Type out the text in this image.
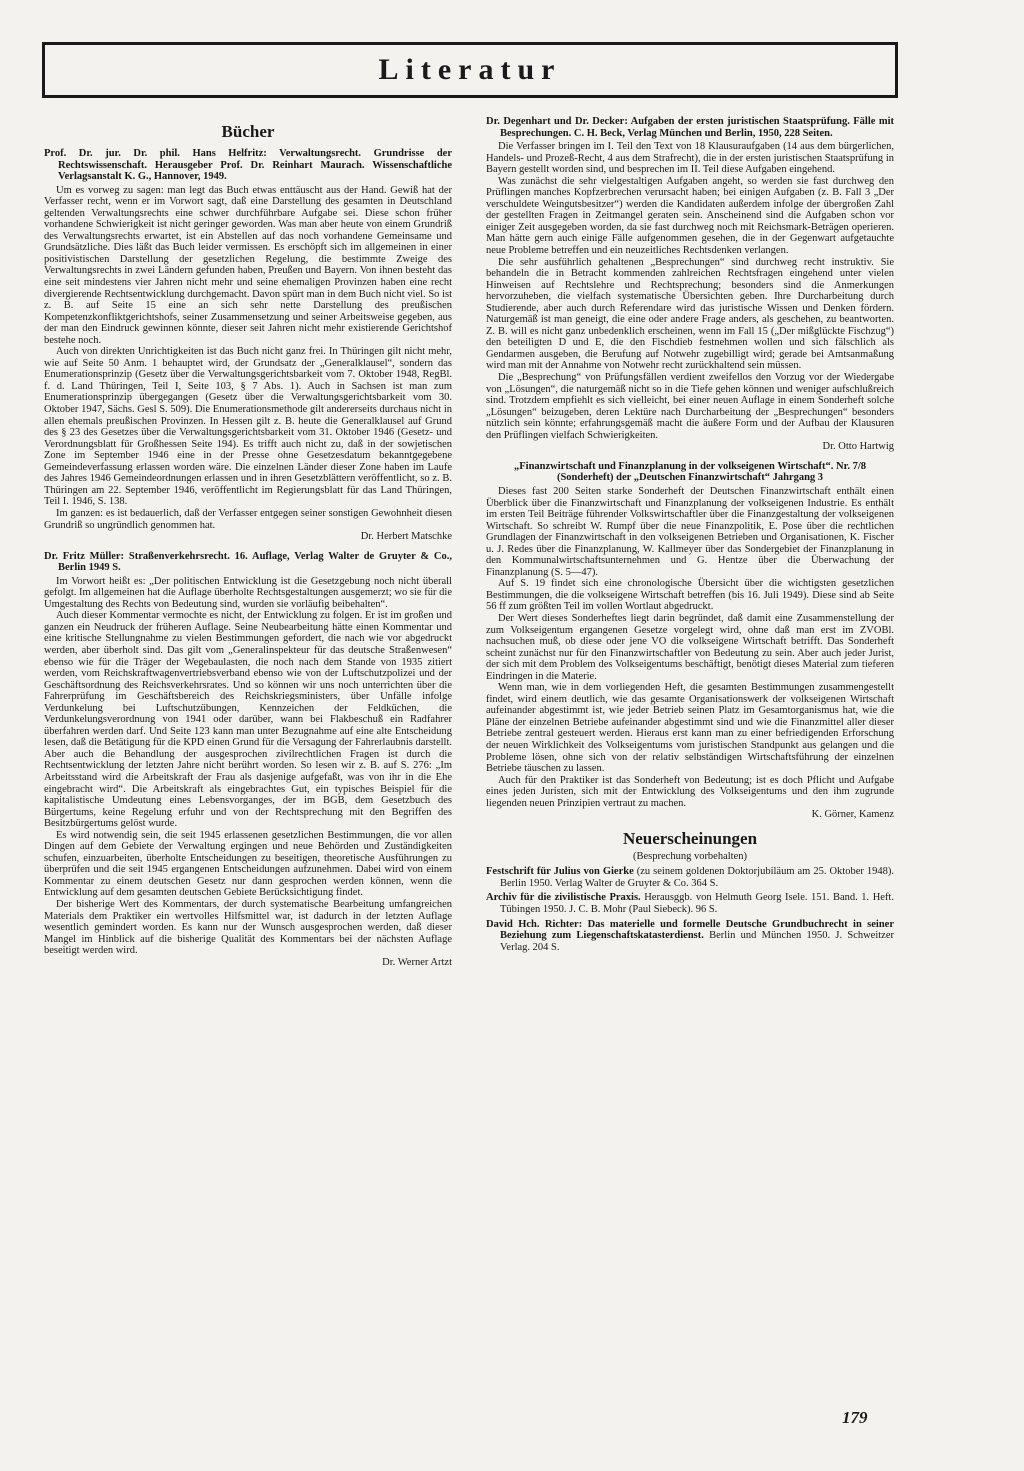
Literatur
Bücher

Prof. Dr. jur. Dr. phil. Hans Helfritz: Verwaltungsrecht. Grundrisse der Rechtswissenschaft. Herausgeber Prof. Dr. Reinhart Maurach. Wissenschaftliche Verlagsanstalt K. G., Hannover, 1949.

Um es vorweg zu sagen: man legt das Buch etwas enttäuscht aus der Hand. Gewiß hat der Verfasser recht, wenn er im Vorwort sagt, daß eine Darstellung des gesamten in Deutschland geltenden Verwaltungsrechts eine schwer durchführbare Aufgabe sei. Diese schon früher vorhandene Schwierigkeit ist nicht geringer geworden. Was man aber heute von einem Grundriß des Verwaltungsrechts erwartet, ist ein Abstellen auf das noch vorhandene Gemeinsame und Grundsätzliche. Dies läßt das Buch leider vermissen. Es erschöpft sich im allgemeinen in einer positivistischen Darstellung der gesetzlichen Regelung, die bestimmte Zweige des Verwaltungsrechts in zwei Ländern gefunden haben, Preußen und Bayern. Von ihnen besteht das eine seit mindestens vier Jahren nicht mehr und seine ehemaligen Provinzen haben eine recht divergierende Rechtsentwicklung durchgemacht. Davon spürt man in dem Buch nicht viel. So ist z. B. auf Seite 15 eine an sich sehr nette Darstellung des preußischen Kompetenzkonfliktgerichtshofs, seiner Zusammensetzung und seiner Arbeitsweise gegeben, aus der man den Eindruck gewinnen könnte, dieser seit Jahren nicht mehr existierende Gerichtshof bestehe noch.

Auch von direkten Unrichtigkeiten ist das Buch nicht ganz frei. In Thüringen gilt nicht mehr, wie auf Seite 50 Anm. 1 behauptet wird, der Grundsatz der „Generalklausel“, sondern das Enumerationsprinzip (Gesetz über die Verwaltungsgerichtsbarkeit vom 7. Oktober 1948, RegBl. f. d. Land Thüringen, Teil I, Seite 103, § 7 Abs. 1). Auch in Sachsen ist man zum Enumerationsprinzip übergegangen (Gesetz über die Verwaltungsgerichtsbarkeit vom 30. Oktober 1947, Sächs. Gesl S. 509). Die Enumerationsmethode gilt andererseits durchaus nicht in allen ehemals preußischen Provinzen. In Hessen gilt z. B. heute die Generalklausel auf Grund des § 23 des Gesetzes über die Verwaltungsgerichtsbarkeit vom 31. Oktober 1946 (Gesetz- und Verordnungsblatt für Großhessen Seite 194). Es trifft auch nicht zu, daß in der sowjetischen Zone im September 1946 eine in der Presse ohne Gesetzesdatum bekanntgegebene Gemeindeverfassung erlassen worden wäre. Die einzelnen Länder dieser Zone haben im Laufe des Jahres 1946 Gemeindeordnungen erlassen und in ihren Gesetzblättern veröffentlicht, so z. B. Thüringen am 22. September 1946, veröffentlicht im Regierungsblatt für das Land Thüringen, Teil I. 1946, S. 138.

Im ganzen: es ist bedauerlich, daß der Verfasser entgegen seiner sonstigen Gewohnheit diesen Grundriß so ungründlich genommen hat.

Dr. Herbert Matschke

Dr. Fritz Müller: Straßenverkehrsrecht. 16. Auflage, Verlag Walter de Gruyter & Co., Berlin 1949 S.

Im Vorwort heißt es: „Der politischen Entwicklung ist die Gesetzgebung noch nicht überall gefolgt. Im allgemeinen hat die Auflage überholte Rechtsgestaltungen ausgemerzt; wo sie für die Umgestaltung des Rechts von Bedeutung sind, wurden sie vorläufig beibehalten“.

Auch dieser Kommentar vermochte es nicht, der Entwicklung zu folgen. Er ist im großen und ganzen ein Neudruck der früheren Auflage. Seine Neubearbeitung hätte einen Kommentar und eine kritische Stellungnahme zu vielen Bestimmungen gefordert, die nach wie vor abgedruckt werden, aber überholt sind. Das gilt vom „Generalinspekteur für das deutsche Straßenwesen“ ebenso wie für die Träger der Wegebaulasten, die noch nach dem Stande von 1935 zitiert werden, vom Reichskraftwagenvertriebsverband ebenso wie von der Luftschutzpolizei und der Geschäftsordnung des Reichsverkehrsrates. Und so können wir uns noch unterrichten über die Fahrerprüfung im Geschäftsbereich des Reichskriegsministers, über Unfälle infolge Verdunkelung bei Luftschutzübungen, Kennzeichen der Feldküchen, die Verdunkelungsverordnung von 1941 oder darüber, wann bei Flakbeschuß ein Radfahrer überfahren werden darf. Und Seite 123 kann man unter Bezugnahme auf eine alte Entscheidung lesen, daß die Betätigung für die KPD einen Grund für die Versagung der Fahrerlaubnis darstellt. Aber auch die Behandlung der ausgesprochen zivilrechtlichen Fragen ist durch die Rechtsentwicklung der letzten Jahre nicht berührt worden. So lesen wir z. B. auf S. 276: „Im Arbeitsstand wird die Arbeitskraft der Frau als dasjenige aufgefaßt, was von ihr in die Ehe eingebracht wird“. Die Arbeitskraft als eingebrachtes Gut, ein typisches Beispiel für die kapitalistische Umdeutung eines Lebensvorganges, der im BGB, dem Gesetzbuch des Bürgertums, keine Regelung erfuhr und von der Rechtsprechung mit den Begriffen des Besitzbürgertums gelöst wurde.

Es wird notwendig sein, die seit 1945 erlassenen gesetzlichen Bestimmungen, die vor allen Dingen auf dem Gebiete der Verwaltung ergingen und neue Behörden und Zuständigkeiten schufen, einzuarbeiten, überholte Entscheidungen zu beseitigen, theoretische Ausführungen zu überprüfen und die seit 1945 ergangenen Entscheidungen aufzunehmen. Dabei wird von einem Kommentar zu einem deutschen Gesetz nur dann gesprochen werden können, wenn die Entwicklung auf dem gesamten deutschen Gebiete Berücksichtigung findet.

Der bisherige Wert des Kommentars, der durch systematische Bearbeitung umfangreichen Materials dem Praktiker ein wertvolles Hilfsmittel war, ist dadurch in der letzten Auflage wesentlich gemindert worden. Es kann nur der Wunsch ausgesprochen werden, daß dieser Mangel im Hinblick auf die bisherige Qualität des Kommentars bei der nächsten Auflage beseitigt werden wird.

Dr. Werner Artzt

Dr. Degenhart und Dr. Decker: Aufgaben der ersten juristischen Staatsprüfung. Fälle mit Besprechungen. C. H. Beck, Verlag München und Berlin, 1950, 228 Seiten.

Die Verfasser bringen im I. Teil den Text von 18 Klausuraufgaben (14 aus dem bürgerlichen, Handels- und Prozeß-Recht, 4 aus dem Strafrecht), die in der ersten juristischen Staatsprüfung in Bayern gestellt worden sind, und besprechen im II. Teil diese Aufgaben eingehend.

Was zunächst die sehr vielgestaltigen Aufgaben angeht, so werden sie fast durchweg den Prüflingen manches Kopfzerbrechen verursacht haben; bei einigen Aufgaben (z. B. Fall 3 „Der verschuldete Weingutsbesitzer“) werden die Kandidaten außerdem infolge der übergroßen Zahl der gestellten Fragen in Zeitmangel geraten sein. Anscheinend sind die Aufgaben schon vor einiger Zeit ausgegeben worden, da sie fast durchweg noch mit Reichsmark-Beträgen operieren. Man hätte gern auch einige Fälle aufgenommen gesehen, die in der Gegenwart aufgetauchte neue Probleme betreffen und ein neuzeitliches Rechtsdenken verlangen.

Die sehr ausführlich gehaltenen „Besprechungen“ sind durchweg recht instruktiv. Sie behandeln die in Betracht kommenden zahlreichen Rechtsfragen eingehend unter vielen Hinweisen auf Rechtslehre und Rechtsprechung; besonders sind die Anmerkungen hervorzuheben, die vielfach systematische Übersichten geben. Ihre Durcharbeitung durch Studierende, aber auch durch Referendare wird das juristische Wissen und Denken fördern. Naturgemäß ist man geneigt, die eine oder andere Frage anders, als geschehen, zu beantworten. Z. B. will es nicht ganz unbedenklich erscheinen, wenn im Fall 15 („Der mißglückte Fischzug“) den beteiligten D und E, die den Fischdieb festnehmen wollen und sich fälschlich als Gendarmen ausgeben, die Berufung auf Notwehr zugebilligt wird; gerade bei Amtsanmaßung wird man mit der Annahme von Notwehr recht zurückhaltend sein müssen.

Die „Besprechung“ von Prüfungsfällen verdient zweifellos den Vorzug vor der Wiedergabe von „Lösungen“, die naturgemäß nicht so in die Tiefe gehen können und weniger aufschlußreich sind. Trotzdem empfiehlt es sich vielleicht, bei einer neuen Auflage in einem Sonderheft solche „Lösungen“ beizugeben, deren Lektüre nach Durcharbeitung der „Besprechungen“ besonders nützlich sein könnte; erfahrungsgemäß macht die äußere Form und der Aufbau der Klausuren den Prüflingen vielfach Schwierigkeiten.

Dr. Otto Hartwig

„Finanzwirtschaft und Finanzplanung in der volkseigenen Wirtschaft“. Nr. 7/8 (Sonderheft) der „Deutschen Finanzwirtschaft“ Jahrgang 3

Dieses fast 200 Seiten starke Sonderheft der Deutschen Finanzwirtschaft enthält einen Überblick über die Finanzwirtschaft und Finanzplanung der volkseigenen Industrie. Es enthält im ersten Teil Beiträge führender Volkswirtschaftler über die Finanzgestaltung der volkseigenen Wirtschaft. So schreibt W. Rumpf über die neue Finanzpolitik, E. Pose über die rechtlichen Grundlagen der Finanzwirtschaft in den volkseigenen Betrieben und Organisationen, K. Fischer u. J. Redes über die Finanzplanung, W. Kallmeyer über das Sondergebiet der Finanzplanung in den Kommunalwirtschaftsunternehmen und G. Hentze über die Überwachung der Finanzplanung (S. 5—47).

Auf S. 19 findet sich eine chronologische Übersicht über die wichtigsten gesetzlichen Bestimmungen, die die volkseigene Wirtschaft betreffen (bis 16. Juli 1949). Diese sind ab Seite 56 ff zum größten Teil im vollen Wortlaut abgedruckt.

Der Wert dieses Sonderheftes liegt darin begründet, daß damit eine Zusammenstellung der zum Volkseigentum ergangenen Gesetze vorgelegt wird, ohne daß man erst im ZVOBl. nachsuchen muß, ob diese oder jene VO die volkseigene Wirtschaft betrifft. Das Sonderheft scheint zunächst nur für den Finanzwirtschaftler von Bedeutung zu sein. Aber auch jeder Jurist, der sich mit dem Problem des Volkseigentums beschäftigt, benötigt dieses Material zum tieferen Eindringen in die Materie.

Wenn man, wie in dem vorliegenden Heft, die gesamten Bestimmungen zusammengestellt findet, wird einem deutlich, wie das gesamte Organisationswerk der volkseigenen Wirtschaft aufeinander abgestimmt ist, wie jeder Betrieb seinen Platz im Gesamtorganismus hat, wie die Pläne der einzelnen Betriebe aufeinander abgestimmt sind und wie die Finanzmittel aller dieser Betriebe zentral gesteuert werden. Hieraus erst kann man zu einer befriedigenden Erforschung der neuen Wirklichkeit des Volkseigentums vom juristischen Standpunkt aus gelangen und die Probleme lösen, ohne sich von der relativ selbständigen Wirtschaftsführung der einzelnen Betriebe täuschen zu lassen.

Auch für den Praktiker ist das Sonderheft von Bedeutung; ist es doch Pflicht und Aufgabe eines jeden Juristen, sich mit der Entwicklung des Volkseigentums und den ihm zugrunde liegenden neuen Prinzipien vertraut zu machen.

K. Görner, Kamenz

Neuerscheinungen
(Besprechung vorbehalten)

Festschrift für Julius von Gierke (zu seinem goldenen Doktorjubiläum am 25. Oktober 1948). Berlin 1950. Verlag Walter de Gruyter & Co. 364 S.

Archiv für die zivilistische Praxis. Herausggb. von Helmuth Georg Isele. 151. Band. 1. Heft. Tübingen 1950. J. C. B. Mohr (Paul Siebeck). 96 S.

David Hch. Richter: Das materielle und formelle Deutsche Grundbuchrecht in seiner Beziehung zum Liegenschaftskatasterdienst. Berlin und München 1950. J. Schweitzer Verlag. 204 S.

179
